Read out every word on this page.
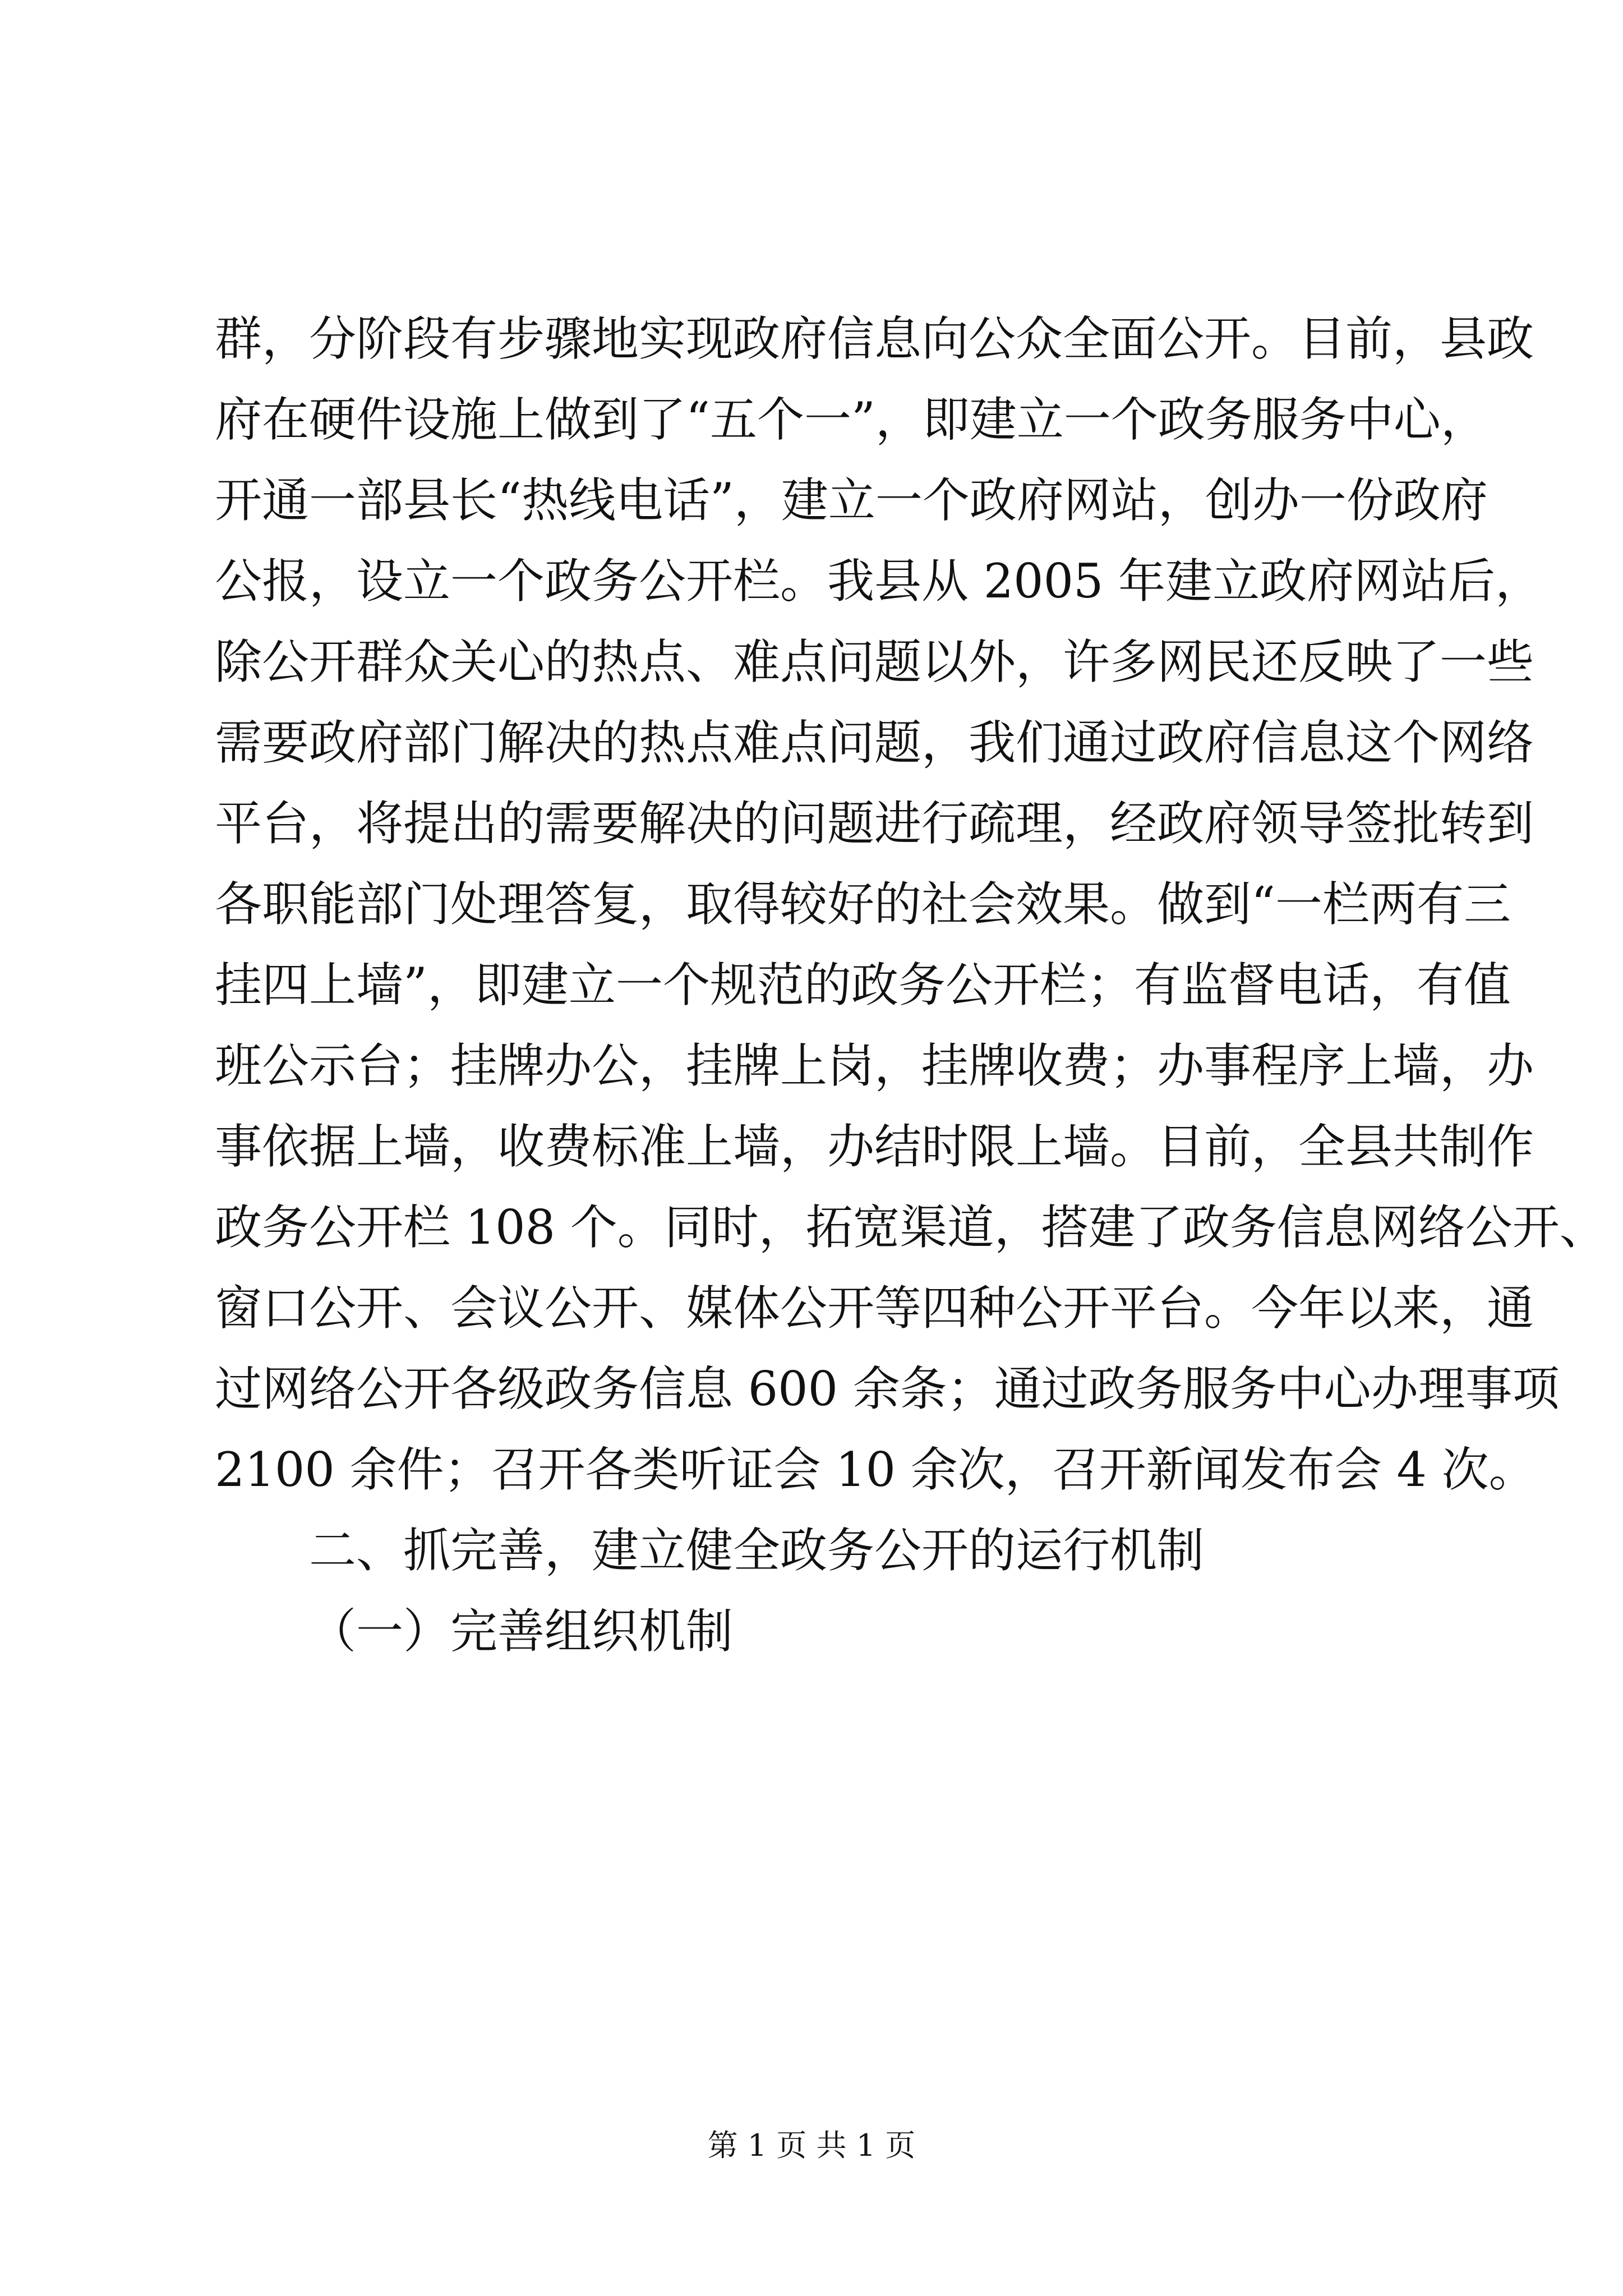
群，分阶段有步骤地实现政府信息向公众全面公开。目前，县政
府在硬件设施上做到了“五个一”，即建立一个政务服务中心，
开通一部县长“热线电话”，建立一个政府网站，创办一份政府
公报，设立一个政务公开栏。我县从 2005 年建立政府网站后，
除公开群众关心的热点、难点问题以外，许多网民还反映了一些
需要政府部门解决的热点难点问题，我们通过政府信息这个网络
平台，将提出的需要解决的问题进行疏理，经政府领导签批转到
各职能部门处理答复，取得较好的社会效果。做到“一栏两有三
挂四上墙”，即建立一个规范的政务公开栏；有监督电话，有值
班公示台；挂牌办公，挂牌上岗，挂牌收费；办事程序上墙，办
事依据上墙，收费标准上墙，办结时限上墙。目前，全县共制作
政务公开栏 108 个。同时，拓宽渠道，搭建了政务信息网络公开、
窗口公开、会议公开、媒体公开等四种公开平台。今年以来，通
过网络公开各级政务信息 600 余条；通过政务服务中心办理事项
2100 余件；召开各类听证会 10 余次，召开新闻发布会 4 次。
二、抓完善，建立健全政务公开的运行机制
（一）完善组织机制
第 1 页 共 1 页
